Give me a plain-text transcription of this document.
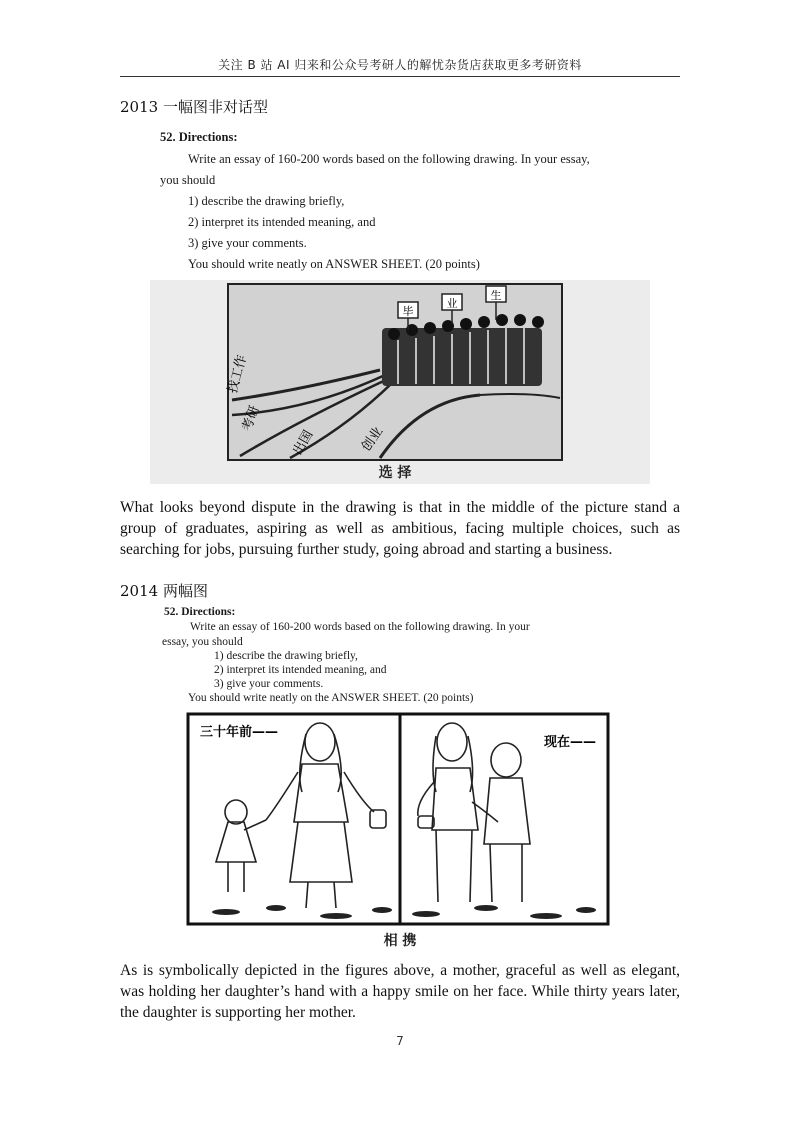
关注 B 站 AI 归来和公众号考研人的解忧杂货店获取更多考研资料
2013 一幅图非对话型
52. Directions:
Write an essay of 160-200 words based on the following drawing. In your essay,
you should
1) describe the drawing briefly,
2) interpret its intended meaning, and
3) give your comments.
You should write neatly on ANSWER SHEET. (20 points)
毕
业
生
找工作
考研
出国	创业
选 择
What looks beyond dispute in the drawing is that in the middle of the picture stand a group of graduates, aspiring as well as ambitious, facing multiple choices, such as searching for jobs, pursuing further study, going abroad and starting a business.
2014 两幅图
52. Directions:
Write an essay of 160-200 words based on the following drawing. In your
essay, you should
1) describe the drawing briefly,
2) interpret its intended meaning, and
3) give your comments.
You should write neatly on the ANSWER SHEET. (20 points)
三十年前——
现在——
相 携
As is symbolically depicted in the figures above, a mother, graceful as well as elegant, was holding her daughter’s hand with a happy smile on her face. While thirty years later, the daughter is supporting her mother.
7
